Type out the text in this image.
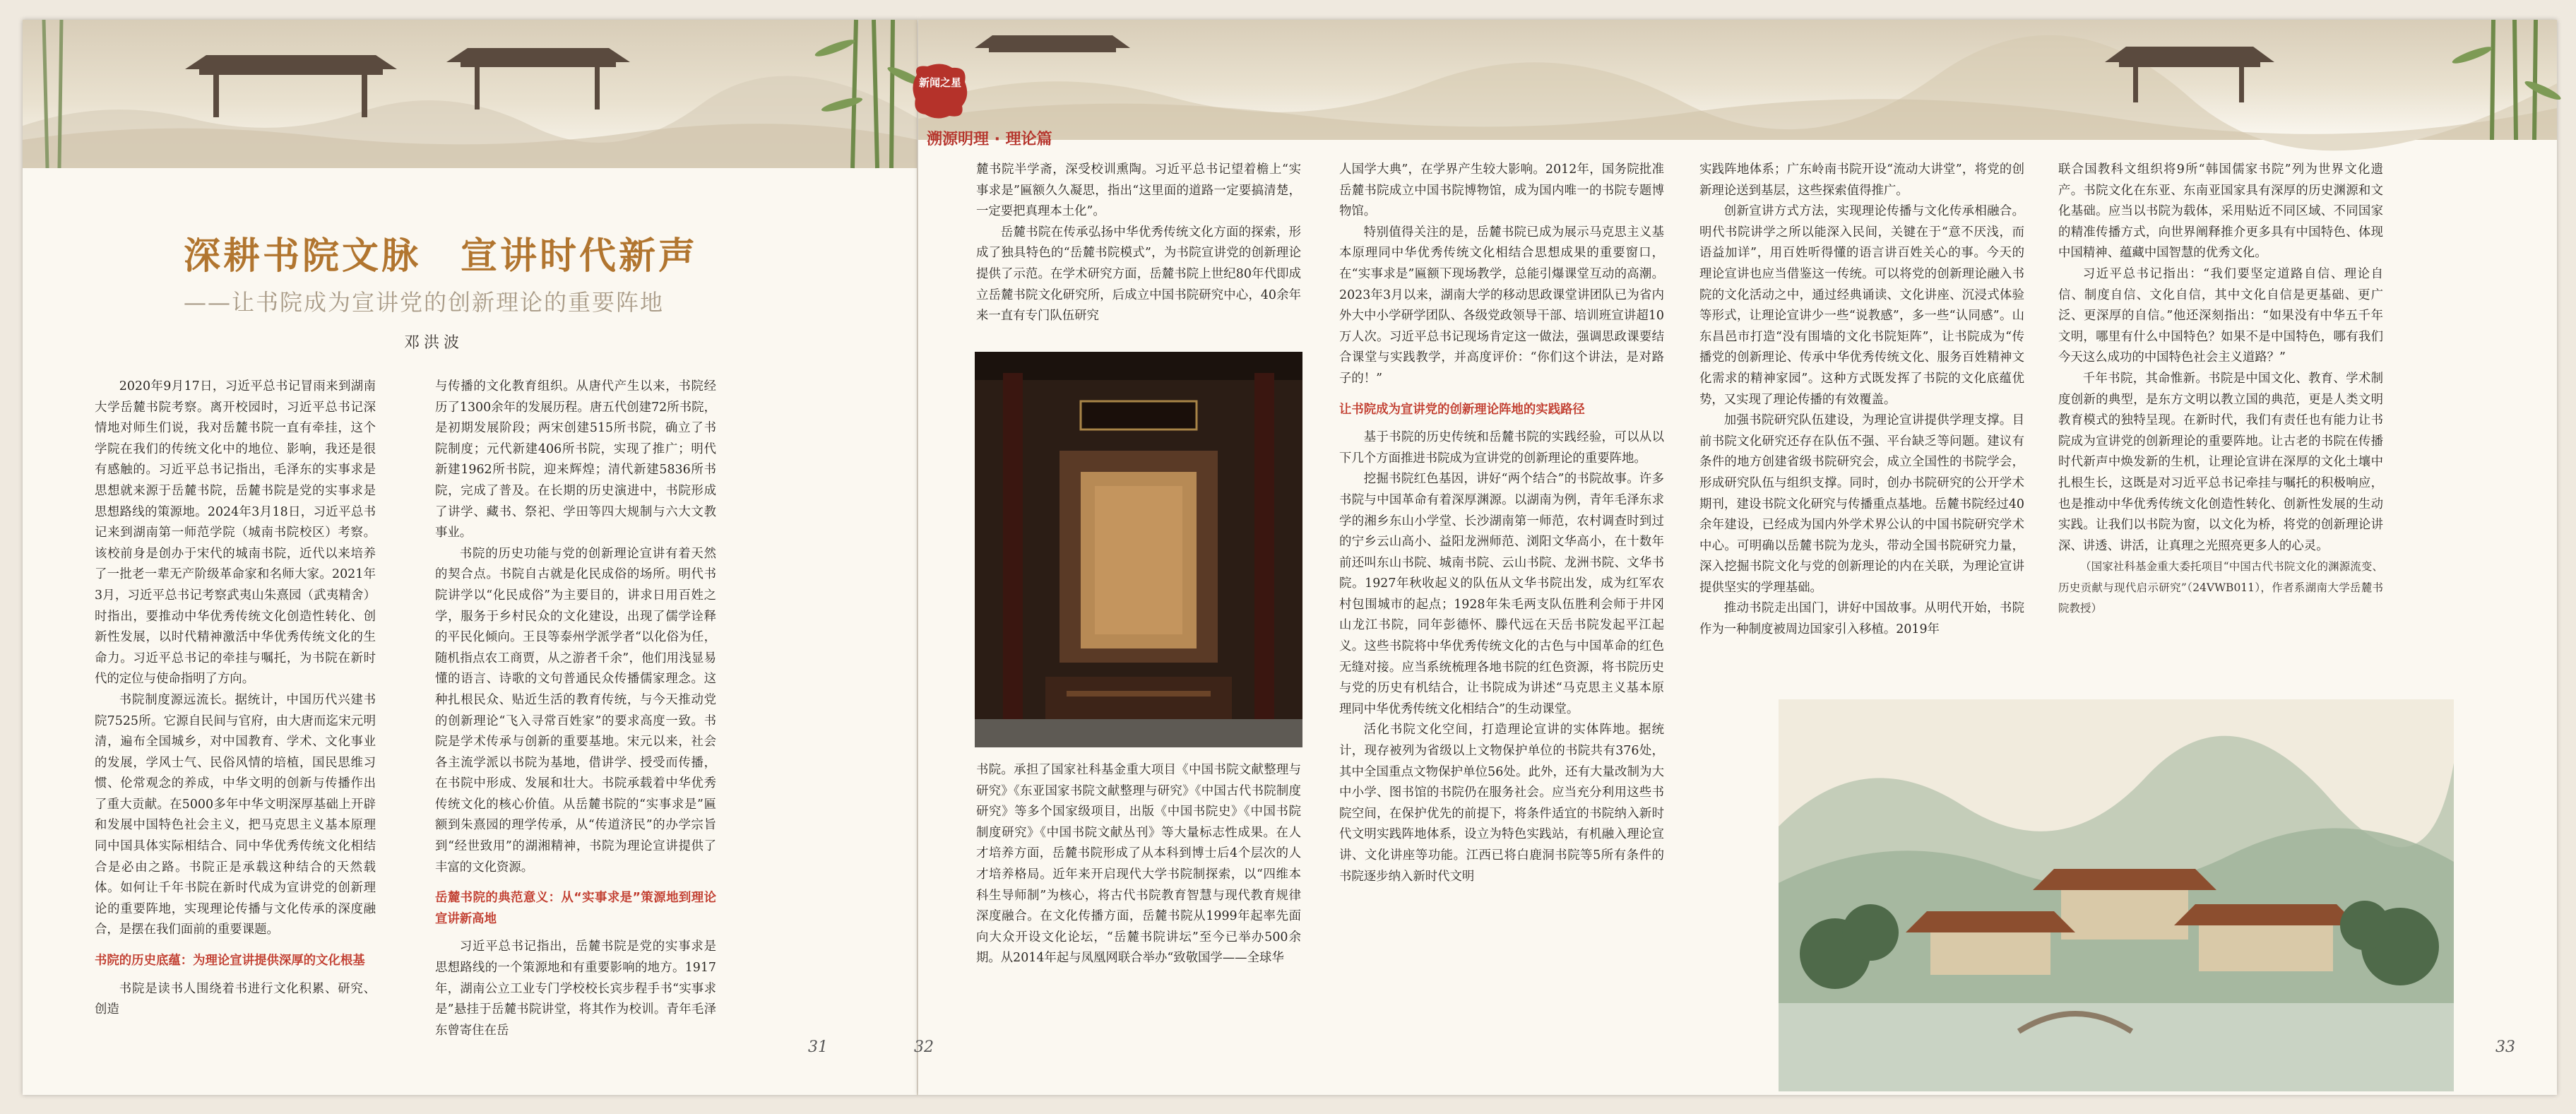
深耕书院文脉　宣讲时代新声
——让书院成为宣讲党的创新理论的重要阵地
邓洪波

2020年9月17日，习近平总书记冒雨来到湖南大学岳麓书院考察。离开校园时，习近平总书记深情地对师生们说，我对岳麓书院一直有牵挂，这个学院在我们的传统文化中的地位、影响，我还是很有感触的。习近平总书记指出，毛泽东的实事求是思想就来源于岳麓书院，岳麓书院是党的实事求是思想路线的策源地。2024年3月18日，习近平总书记来到湖南第一师范学院（城南书院校区）考察。该校前身是创办于宋代的城南书院，近代以来培养了一批老一辈无产阶级革命家和名师大家。2021年3月，习近平总书记考察武夷山朱熹园（武夷精舍）时指出，要推动中华优秀传统文化创造性转化、创新性发展，以时代精神激活中华优秀传统文化的生命力。习近平总书记的牵挂与嘱托，为书院在新时代的定位与使命指明了方向。

书院制度源远流长。据统计，中国历代兴建书院7525所。它源自民间与官府，由大唐而迄宋元明清，遍布全国城乡，对中国教育、学术、文化事业的发展，学风士气、民俗风情的培植，国民思维习惯、伦常观念的养成，中华文明的创新与传播作出了重大贡献。在5000多年中华文明深厚基础上开辟和发展中国特色社会主义，把马克思主义基本原理同中国具体实际相结合、同中华优秀传统文化相结合是必由之路。书院正是承载这种结合的天然载体。如何让千年书院在新时代成为宣讲党的创新理论的重要阵地，实现理论传播与文化传承的深度融合，是摆在我们面前的重要课题。

书院的历史底蕴：为理论宣讲提供深厚的文化根基

书院是读书人围绕着书进行文化积累、研究、创造

与传播的文化教育组织。从唐代产生以来，书院经历了1300余年的发展历程。唐五代创建72所书院，是初期发展阶段；两宋创建515所书院，确立了书院制度；元代新建406所书院，实现了推广；明代新建1962所书院，迎来辉煌；清代新建5836所书院，完成了普及。在长期的历史演进中，书院形成了讲学、藏书、祭祀、学田等四大规制与六大文教事业。

书院的历史功能与党的创新理论宣讲有着天然的契合点。书院自古就是化民成俗的场所。明代书院讲学以“化民成俗”为主要目的，讲求日用百姓之学，服务于乡村民众的文化建设，出现了儒学诠释的平民化倾向。王艮等泰州学派学者“以化俗为任，随机指点农工商贾，从之游者千余”，他们用浅显易懂的语言、诗歌的文句普通民众传播儒家理念。这种扎根民众、贴近生活的教育传统，与今天推动党的创新理论“飞入寻常百姓家”的要求高度一致。书院是学术传承与创新的重要基地。宋元以来，社会各主流学派以书院为基地，借讲学、授受而传播，在书院中形成、发展和壮大。书院承载着中华优秀传统文化的核心价值。从岳麓书院的“实事求是”匾额到朱熹园的理学传承，从“传道济民”的办学宗旨到“经世致用”的湖湘精神，书院为理论宣讲提供了丰富的文化资源。

岳麓书院的典范意义：从“实事求是”策源地到理论宣讲新高地

习近平总书记指出，岳麓书院是党的实事求是思想路线的一个策源地和有重要影响的地方。1917年，湖南公立工业专门学校校长宾步程手书“实事求是”悬挂于岳麓书院讲堂，将其作为校训。青年毛泽东曾寄住在岳

31
新闻之星
溯源明理 · 理论篇

麓书院半学斋，深受校训熏陶。习近平总书记望着檐上“实事求是”匾额久久凝思，指出“这里面的道路一定要搞清楚，一定要把真理本土化”。

岳麓书院在传承弘扬中华优秀传统文化方面的探索，形成了独具特色的“岳麓书院模式”，为书院宣讲党的创新理论提供了示范。在学术研究方面，岳麓书院上世纪80年代即成立岳麓书院文化研究所，后成立中国书院研究中心，40余年来一直有专门队伍研究

书院。承担了国家社科基金重大项目《中国书院文献整理与研究》《东亚国家书院文献整理与研究》《中国古代书院制度研究》等多个国家级项目，出版《中国书院史》《中国书院制度研究》《中国书院文献丛刊》等大量标志性成果。在人才培养方面，岳麓书院形成了从本科到博士后4个层次的人才培养格局。近年来开启现代大学书院制探索，以“四维本科生导师制”为核心，将古代书院教育智慧与现代教育规律深度融合。在文化传播方面，岳麓书院从1999年起率先面向大众开设文化论坛，“岳麓书院讲坛”至今已举办500余期。从2014年起与凤凰网联合举办“致敬国学——全球华

人国学大典”，在学界产生较大影响。2012年，国务院批准岳麓书院成立中国书院博物馆，成为国内唯一的书院专题博物馆。

特别值得关注的是，岳麓书院已成为展示马克思主义基本原理同中华优秀传统文化相结合思想成果的重要窗口，在“实事求是”匾额下现场教学，总能引爆课堂互动的高潮。2023年3月以来，湖南大学的移动思政课堂讲团队已为省内外大中小学研学团队、各级党政领导干部、培训班宣讲超10万人次。习近平总书记现场肯定这一做法，强调思政课要结合课堂与实践教学，并高度评价：“你们这个讲法，是对路子的！”

让书院成为宣讲党的创新理论阵地的实践路径

基于书院的历史传统和岳麓书院的实践经验，可以从以下几个方面推进书院成为宣讲党的创新理论的重要阵地。

挖掘书院红色基因，讲好“两个结合”的书院故事。许多书院与中国革命有着深厚渊源。以湖南为例，青年毛泽东求学的湘乡东山小学堂、长沙湖南第一师范，农村调查时到过的宁乡云山高小、益阳龙洲师范、浏阳文华高小，在十数年前还叫东山书院、城南书院、云山书院、龙洲书院、文华书院。1927年秋收起义的队伍从文华书院出发，成为红军农村包围城市的起点；1928年朱毛两支队伍胜利会师于井冈山龙江书院，同年彭德怀、滕代远在天岳书院发起平江起义。这些书院将中华优秀传统文化的古色与中国革命的红色无缝对接。应当系统梳理各地书院的红色资源，将书院历史与党的历史有机结合，让书院成为讲述“马克思主义基本原理同中华优秀传统文化相结合”的生动课堂。

活化书院文化空间，打造理论宣讲的实体阵地。据统计，现存被列为省级以上文物保护单位的书院共有376处，其中全国重点文物保护单位56处。此外，还有大量改制为大中小学、图书馆的书院仍在服务社会。应当充分利用这些书院空间，在保护优先的前提下，将条件适宜的书院纳入新时代文明实践阵地体系，设立为特色实践站，有机融入理论宣讲、文化讲座等功能。江西已将白鹿洞书院等5所有条件的书院逐步纳入新时代文明

实践阵地体系；广东岭南书院开设“流动大讲堂”，将党的创新理论送到基层，这些探索值得推广。

创新宣讲方式方法，实现理论传播与文化传承相融合。明代书院讲学之所以能深入民间，关键在于“意不厌浅，而语益加详”，用百姓听得懂的语言讲百姓关心的事。今天的理论宣讲也应当借鉴这一传统。可以将党的创新理论融入书院的文化活动之中，通过经典诵读、文化讲座、沉浸式体验等形式，让理论宣讲少一些“说教感”，多一些“认同感”。山东昌邑市打造“没有围墙的文化书院矩阵”，让书院成为“传播党的创新理论、传承中华优秀传统文化、服务百姓精神文化需求的精神家园”。这种方式既发挥了书院的文化底蕴优势，又实现了理论传播的有效覆盖。

加强书院研究队伍建设，为理论宣讲提供学理支撑。目前书院文化研究还存在队伍不强、平台缺乏等问题。建议有条件的地方创建省级书院研究会，成立全国性的书院学会，形成研究队伍与组织支撑。同时，创办书院研究的公开学术期刊，建设书院文化研究与传播重点基地。岳麓书院经过40余年建设，已经成为国内外学术界公认的中国书院研究学术中心。可明确以岳麓书院为龙头，带动全国书院研究力量，深入挖掘书院文化与党的创新理论的内在关联，为理论宣讲提供坚实的学理基础。

推动书院走出国门，讲好中国故事。从明代开始，书院作为一种制度被周边国家引入移植。2019年

联合国教科文组织将9所“韩国儒家书院”列为世界文化遗产。书院文化在东亚、东南亚国家具有深厚的历史渊源和文化基础。应当以书院为载体，采用贴近不同区域、不同国家的精准传播方式，向世界阐释推介更多具有中国特色、体现中国精神、蕴藏中国智慧的优秀文化。

习近平总书记指出：“我们要坚定道路自信、理论自信、制度自信、文化自信，其中文化自信是更基础、更广泛、更深厚的自信。”他还深刻指出：“如果没有中华五千年文明，哪里有什么中国特色？如果不是中国特色，哪有我们今天这么成功的中国特色社会主义道路？”

千年书院，其命惟新。书院是中国文化、教育、学术制度创新的典型，是东方文明以教立国的典范，更是人类文明教育模式的独特呈现。在新时代，我们有责任也有能力让书院成为宣讲党的创新理论的重要阵地。让古老的书院在传播时代新声中焕发新的生机，让理论宣讲在深厚的文化土壤中扎根生长，这既是对习近平总书记牵挂与嘱托的积极响应，也是推动中华优秀传统文化创造性转化、创新性发展的生动实践。让我们以书院为窗，以文化为桥，将党的创新理论讲深、讲透、讲活，让真理之光照亮更多人的心灵。

（国家社科基金重大委托项目“中国古代书院文化的渊源流变、历史贡献与现代启示研究”（24VWB011），作者系湖南大学岳麓书院教授）

32	33
